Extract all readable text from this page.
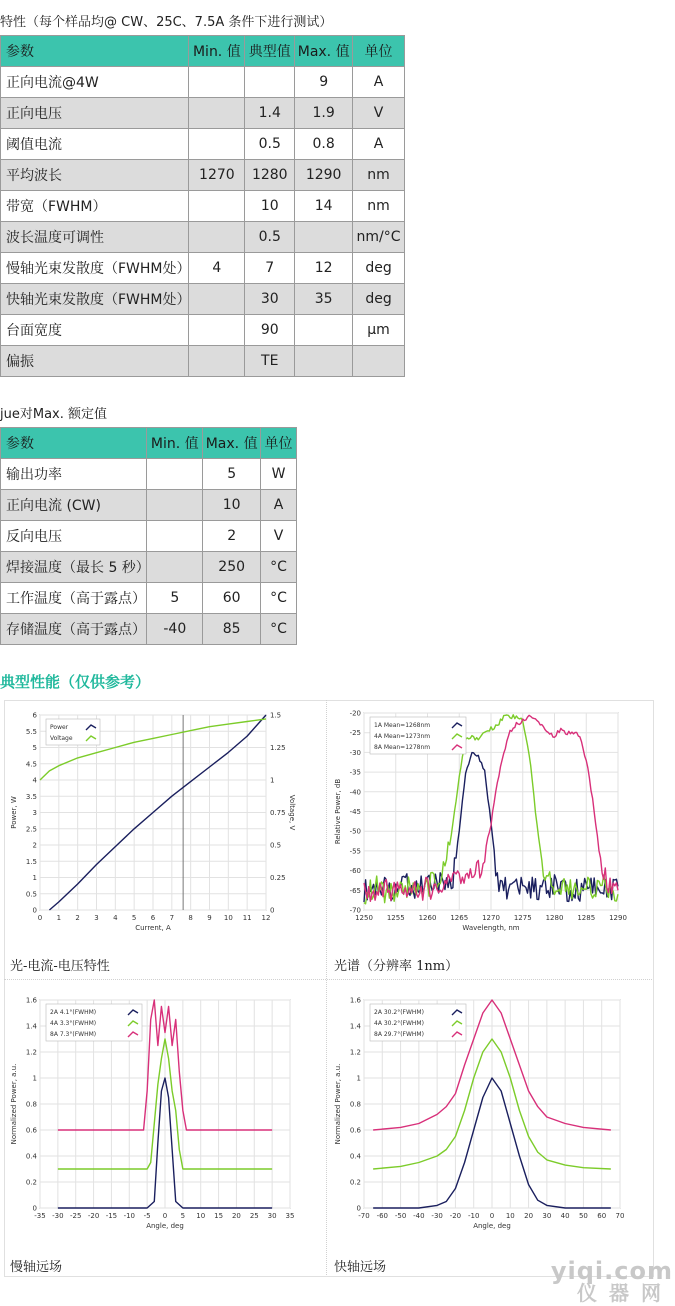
特性（每个样品均@ CW、25C、7.5A 条件下进行测试）
参数	Min. 值	典型值	Max. 值	单位
正向电流@4W			9	A
正向电压		1.4	1.9	V
阈值电流		0.5	0.8	A
平均波长	1270	1280	1290	nm
带宽（FWHM）		10	14	nm
波长温度可调性		0.5		nm/°C
慢轴光束发散度（FWHM处）	4	7	12	deg
快轴光束发散度（FWHM处）		30	35	deg
台面宽度		90		μm
偏振		TE		
jue对Max. 额定值
参数	Min. 值	Max. 值	单位
输出功率		5	W
正向电流 (CW)		10	A
反向电压		2	V
焊接温度（最长 5 秒）		250	°C
工作温度（高于露点）	5	60	°C
存储温度（高于露点）	-40	85	°C
典型性能（仅供参考）
0 1 2 3 4 5 6 7 8 9 10 11 12
0
0.5
1
1.5
2
2.5
3
3.5
4
4.5
5
5.5
6
Current, A
Power, W
0
0.25
0.5
0.75
1
1.25
1.5
Voltage, V
Power
Voltage
1250 1255 1260 1265 1270 1275 1280 1285 1290
-20
-25
-30
-35
-40
-45
-50
-55
-60
-65
-70
Wavelength, nm
Relative Power, dB
1A Mean=1268nm
4A Mean=1273nm
8A Mean=1278nm
-35 -30 -25 -20 -15 -10 -5 0 5 10 15 20 25 30 35
0
0.2
0.4
0.6
0.8
1
1.2
1.4
1.6
Angle, deg
Normalized Power, a.u.
2A 4.1°(FWHM)
4A 3.3°(FWHM)
8A 7.3°(FWHM)
-70 -60 -50 -40 -30 -20 -10 0 10 20 30 40 50 60 70
0
0.2
0.4
0.6
0.8
1
1.2
1.4
1.6
Angle, deg
Normalized Power, a.u.
2A 30.2°(FWHM)
4A 30.2°(FWHM)
8A 29.7°(FWHM)
光-电流-电压特性	光谱（分辨率 1nm）
慢轴远场	快轴远场	yiqi.com
仪器网
